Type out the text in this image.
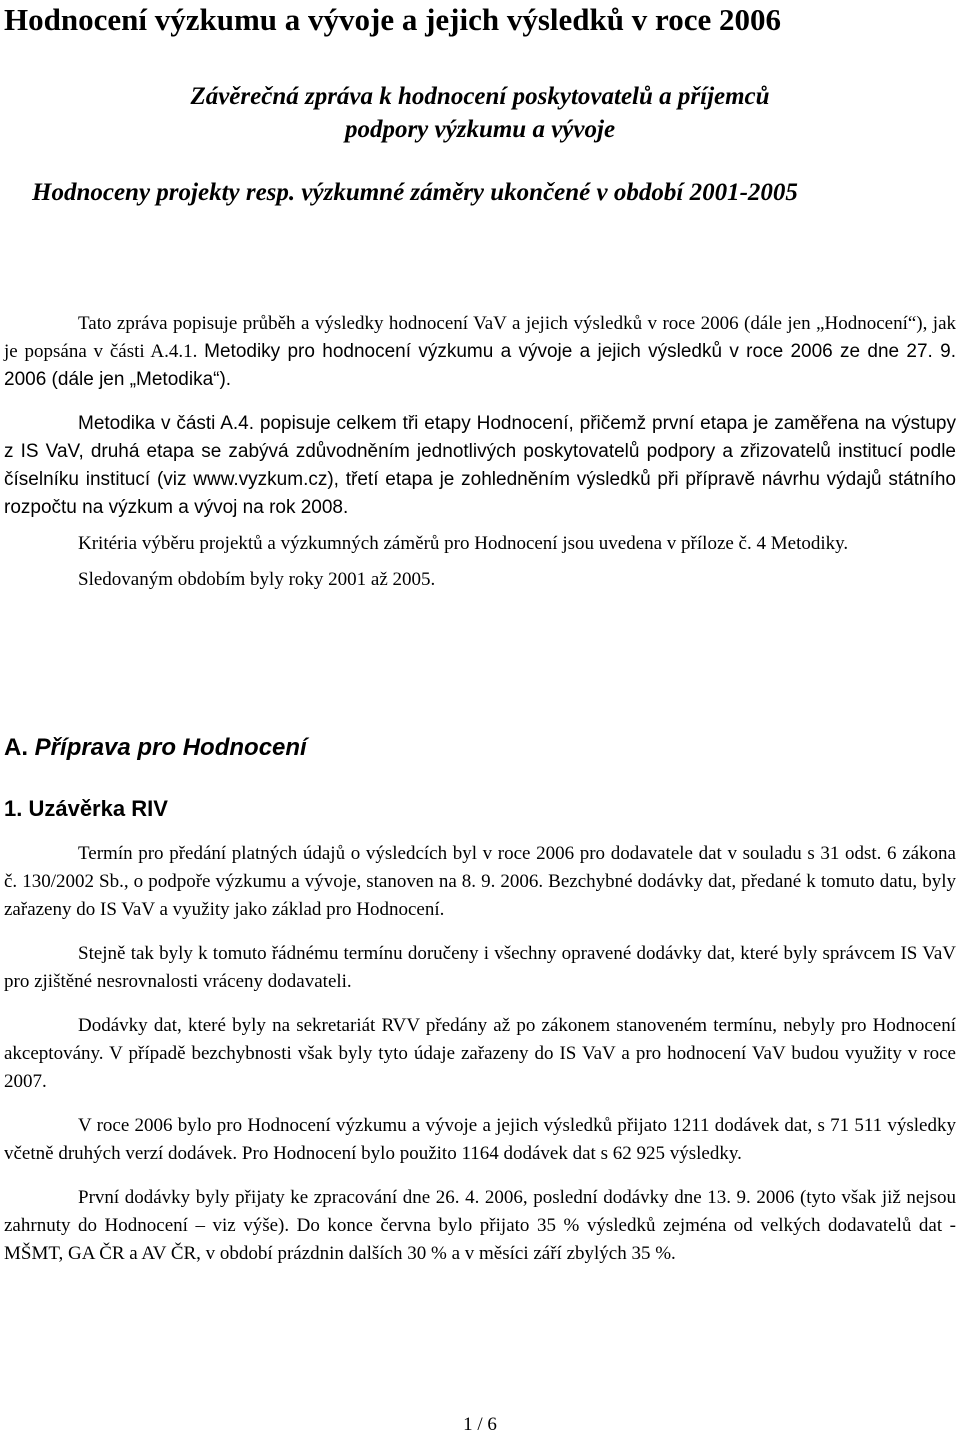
Hodnocení výzkumu a vývoje a jejich výsledků v roce 2006

Závěrečná zpráva k hodnocení poskytovatelů a příjemců
podpory výzkumu a vývoje

Hodnoceny projekty resp. výzkumné záměry ukončené v období 2001-2005

Tato zpráva popisuje průběh a výsledky hodnocení VaV a jejich výsledků v roce 2006 (dále jen „Hodnocení“), jak je popsána v části A.4.1. Metodiky pro hodnocení výzkumu a vývoje a jejich výsledků v roce 2006 ze dne 27. 9. 2006 (dále jen „Metodika“).

Metodika v části A.4. popisuje celkem tři etapy Hodnocení, přičemž první etapa je zaměřena na výstupy z IS VaV, druhá etapa se zabývá zdůvodněním jednotlivých poskytovatelů podpory a zřizovatelů institucí podle číselníku institucí (viz www.vyzkum.cz), třetí etapa je zohledněním výsledků při přípravě návrhu výdajů státního rozpočtu na výzkum a vývoj na rok 2008.

Kritéria výběru projektů a výzkumných záměrů pro Hodnocení jsou uvedena v příloze č. 4 Metodiky.

Sledovaným obdobím byly roky 2001 až 2005.

A. Příprava pro Hodnocení
1. Uzávěrka RIV

Termín pro předání platných údajů o výsledcích byl v roce 2006 pro dodavatele dat v souladu s 31 odst. 6 zákona č. 130/2002 Sb., o podpoře výzkumu a vývoje, stanoven na 8. 9. 2006. Bezchybné dodávky dat, předané k tomuto datu, byly zařazeny do IS VaV a využity jako základ pro Hodnocení.

Stejně tak byly k tomuto řádnému termínu doručeny i všechny opravené dodávky dat, které byly správcem IS VaV pro zjištěné nesrovnalosti vráceny dodavateli.

Dodávky dat, které byly na sekretariát RVV předány až po zákonem stanoveném termínu, nebyly pro Hodnocení akceptovány. V případě bezchybnosti však byly tyto údaje zařazeny do IS VaV a pro hodnocení VaV budou využity v roce 2007.

V roce 2006 bylo pro Hodnocení výzkumu a vývoje a jejich výsledků přijato 1211 dodávek dat, s 71 511 výsledky včetně druhých verzí dodávek. Pro Hodnocení bylo použito 1164 dodávek dat s 62 925 výsledky.

První dodávky byly přijaty ke zpracování dne 26. 4. 2006, poslední dodávky dne 13. 9. 2006 (tyto však již nejsou zahrnuty do Hodnocení – viz výše). Do konce června bylo přijato 35 % výsledků zejména od velkých dodavatelů dat - MŠMT, GA ČR a AV ČR, v období prázdnin dalších 30 % a v měsíci září zbylých 35 %.

1 / 6
